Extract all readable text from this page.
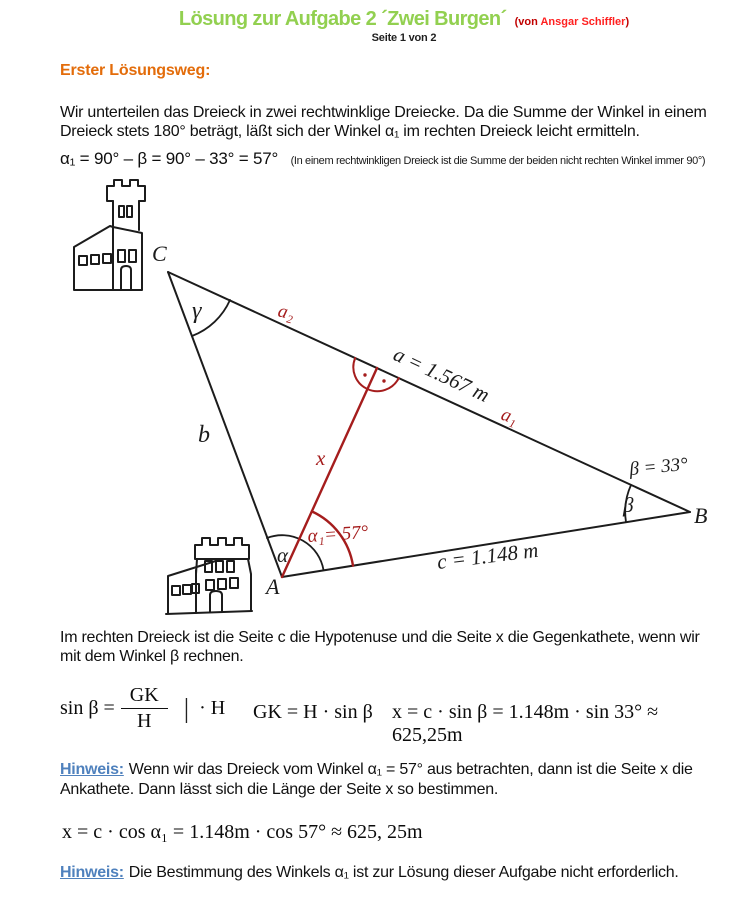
Lösung zur Aufgabe 2 ´Zwei Burgen´ (von Ansgar Schiffler)
Seite 1 von 2
Erster Lösungsweg:

Wir unterteilen das Dreieck in zwei rechtwinklige Dreiecke. Da die Summe der Winkel in einem Dreieck stets 180° beträgt, läßt sich der Winkel α₁ im rechten Dreieck leicht ermitteln.

α₁ = 90° – β = 90° – 33° = 57° (In einem rechtwinkligen Dreieck ist die Summe der beiden nicht rechten Winkel immer 90°)
C
A
B
b
γ
α
β
β = 33°
a = 1.567 m
c = 1.148 m
α₁= 57°
x
a₂
a₁

Im rechten Dreieck ist die Seite c die Hypotenuse und die Seite x die Gegenkathete, wenn wir mit dem Winkel β rechnen.

$\sin \beta = \frac{GK}{H}$ | · H GK = H · sin β x = c · sin β = 1.148m · sin 33° ≈ 625,25m
Hinweis: Wenn wir das Dreieck vom Winkel α₁ = 57° aus betrachten, dann ist die Seite x die Ankathete. Dann lässt sich die Länge der Seite x so bestimmen.
x = c · cos α₁ = 1.148m · cos 57° ≈ 625, 25m
Hinweis: Die Bestimmung des Winkels α₁ ist zur Lösung dieser Aufgabe nicht erforderlich.
